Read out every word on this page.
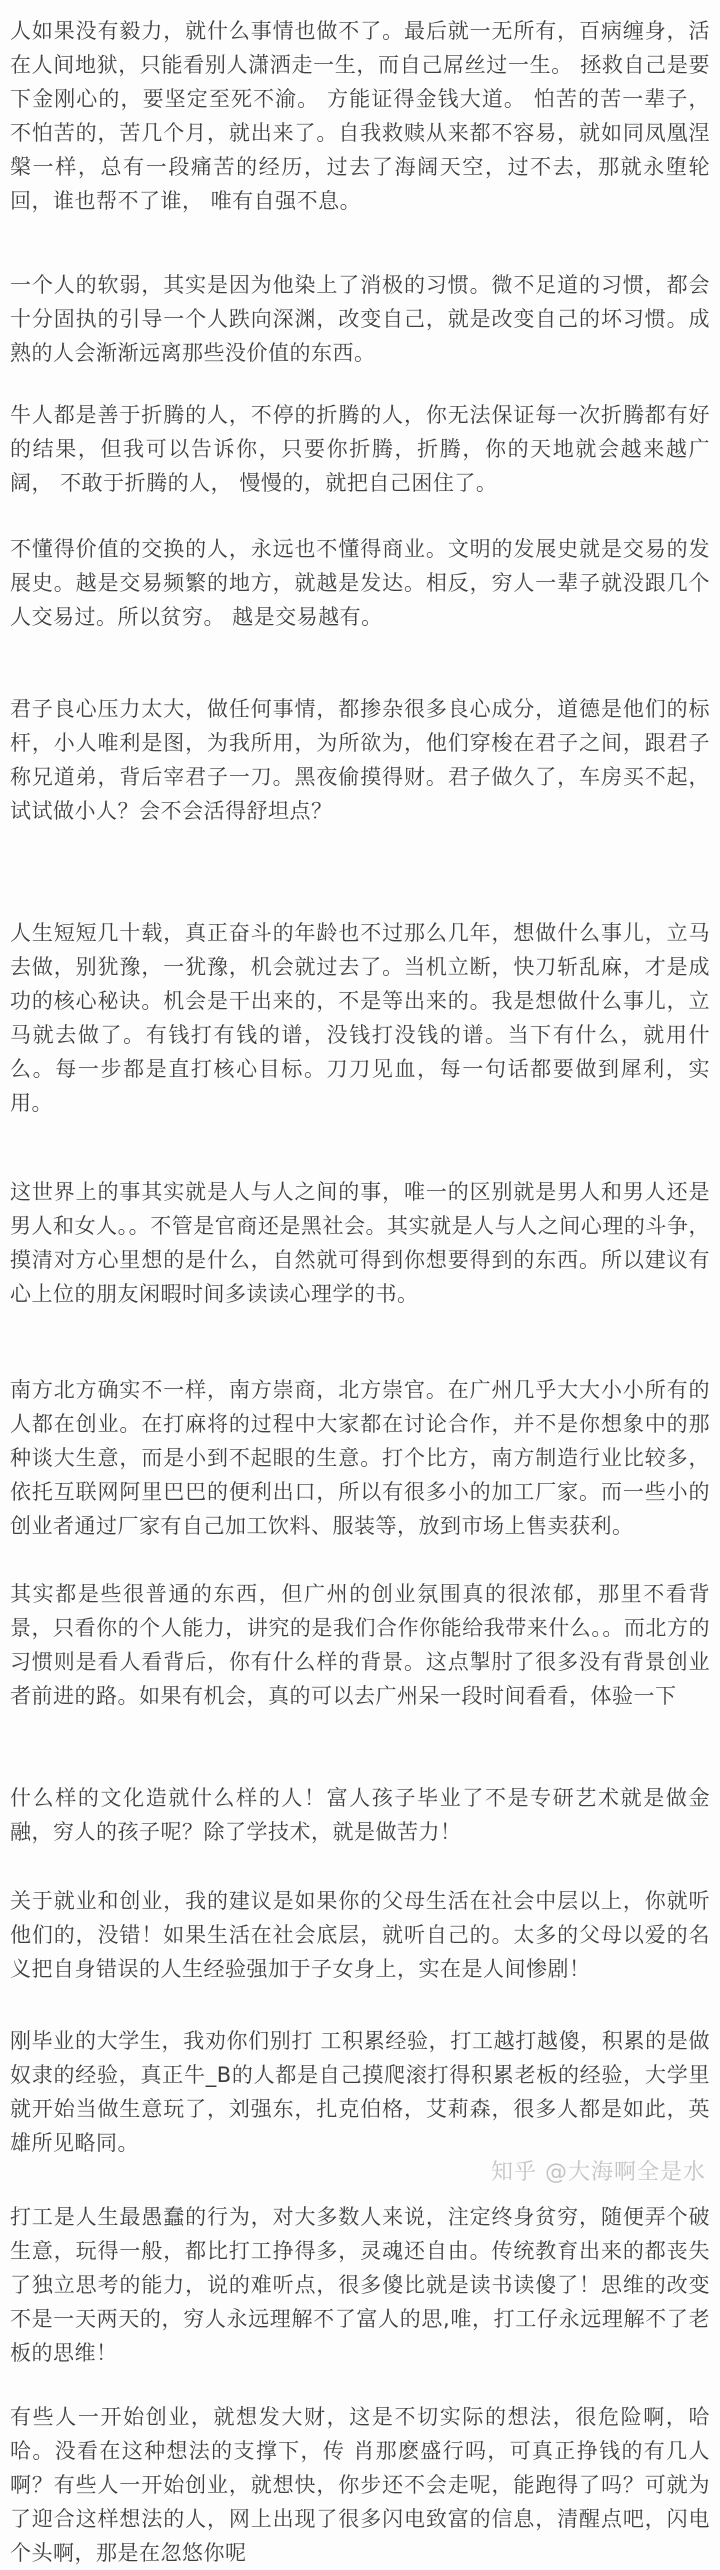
人如果没有毅力，就什么事情也做不了。最后就一无所有，百病缠身，活在人间地狱，只能看别人潇洒走一生，而自己屌丝过一生。 拯救自己是要下金刚心的，要坚定至死不渝。 方能证得金钱大道。 怕苦的苦一辈子，不怕苦的，苦几个月，就出来了。自我救赎从来都不容易，就如同凤凰涅槃一样，总有一段痛苦的经历，过去了海阔天空，过不去，那就永堕轮回，谁也帮不了谁， 唯有自强不息。

一个人的软弱，其实是因为他染上了消极的习惯。微不足道的习惯，都会十分固执的引导一个人跌向深渊，改变自己，就是改变自己的坏习惯。成熟的人会渐渐远离那些没价值的东西。

牛人都是善于折腾的人，不停的折腾的人，你无法保证每一次折腾都有好的结果，但我可以告诉你，只要你折腾，折腾，你的天地就会越来越广阔， 不敢于折腾的人， 慢慢的，就把自己困住了。

不懂得价值的交换的人，永远也不懂得商业。文明的发展史就是交易的发展史。越是交易频繁的地方，就越是发达。相反，穷人一辈子就没跟几个人交易过。所以贫穷。 越是交易越有。

君子良心压力太大，做任何事情，都掺杂很多良心成分，道德是他们的标杆，小人唯利是图，为我所用，为所欲为，他们穿梭在君子之间，跟君子称兄道弟，背后宰君子一刀。黑夜偷摸得财。君子做久了，车房买不起，试试做小人？会不会活得舒坦点？

人生短短几十载，真正奋斗的年龄也不过那么几年，想做什么事儿，立马去做，别犹豫，一犹豫，机会就过去了。当机立断，快刀斩乱麻，才是成功的核心秘诀。机会是干出来的，不是等出来的。我是想做什么事儿，立马就去做了。有钱打有钱的谱，没钱打没钱的谱。当下有什么，就用什么。每一步都是直打核心目标。刀刀见血，每一句话都要做到犀利，实用。

这世界上的事其实就是人与人之间的事，唯一的区别就是男人和男人还是男人和女人。。不管是官商还是黑社会。其实就是人与人之间心理的斗争，摸清对方心里想的是什么，自然就可得到你想要得到的东西。所以建议有心上位的朋友闲暇时间多读读心理学的书。

南方北方确实不一样，南方崇商，北方崇官。在广州几乎大大小小所有的人都在创业。在打麻将的过程中大家都在讨论合作，并不是你想象中的那种谈大生意，而是小到不起眼的生意。打个比方，南方制造行业比较多，依托互联网阿里巴巴的便利出口，所以有很多小的加工厂家。而一些小的创业者通过厂家有自己加工饮料、服装等，放到市场上售卖获利。

其实都是些很普通的东西，但广州的创业氛围真的很浓郁，那里不看背景，只看你的个人能力，讲究的是我们合作你能给我带来什么。。而北方的习惯则是看人看背后，你有什么样的背景。这点掣肘了很多没有背景创业者前进的路。如果有机会，真的可以去广州呆一段时间看看，体验一下

什么样的文化造就什么样的人！富人孩子毕业了不是专研艺术就是做金融，穷人的孩子呢？除了学技术，就是做苦力！

关于就业和创业，我的建议是如果你的父母生活在社会中层以上，你就听他们的，没错！如果生活在社会底层，就听自己的。太多的父母以爱的名义把自身错误的人生经验强加于子女身上，实在是人间惨剧！

刚毕业的大学生，我劝你们别打 工积累经验，打工越打越傻，积累的是做奴隶的经验，真正牛_B的人都是自己摸爬滚打得积累老板的经验，大学里就开始当做生意玩了，刘强东，扎克伯格，艾莉森，很多人都是如此，英雄所见略同。

打工是人生最愚蠢的行为，对大多数人来说，注定终身贫穷，随便弄个破生意，玩得一般，都比打工挣得多，灵魂还自由。传统教育出来的都丧失了独立思考的能力，说的难听点，很多傻比就是读书读傻了！思维的改变不是一天两天的，穷人永远理解不了富人的思,唯，打工仔永远理解不了老板的思维！

有些人一开始创业，就想发大财，这是不切实际的想法，很危险啊，哈哈。没看在这种想法的支撑下，传 肖那麽盛行吗，可真正挣钱的有几人啊？有些人一开始创业，就想快，你步还不会走呢，能跑得了吗？可就为了迎合这样想法的人，网上出现了很多闪电致富的信息，清醒点吧，闪电个头啊，那是在忽悠你呢

知乎 @大海啊全是水
